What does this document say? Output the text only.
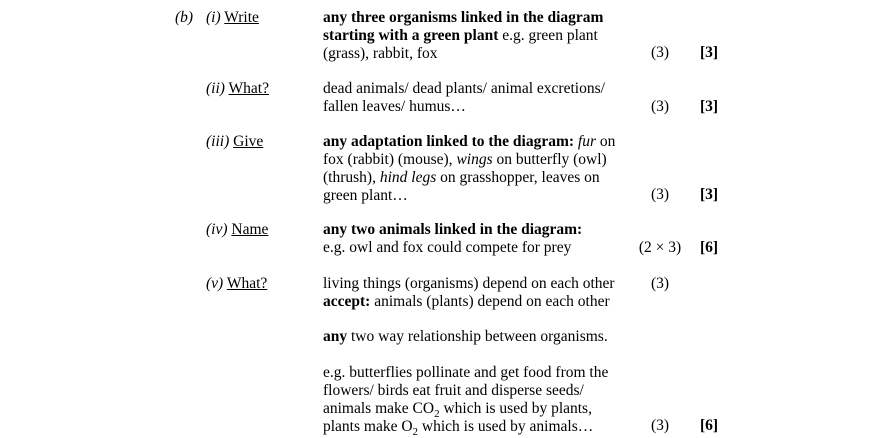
(b) (i) Write	any three organisms linked in the diagram
starting with a green plant e.g. green plant
(grass), rabbit, fox	(3)	[3]
(ii) What?	dead animals/ dead plants/ animal excretions/
fallen leaves/ humus…	(3)	[3]
(iii) Give	any adaptation linked to the diagram: fur on
fox (rabbit) (mouse), wings on butterfly (owl)
(thrush), hind legs on grasshopper, leaves on
green plant…	(3)	[3]
(iv) Name	any two animals linked in the diagram:
e.g. owl and fox could compete for prey	(2 × 3)	[6]
(v) What?	living things (organisms) depend on each other
accept: animals (plants) depend on each other
(3)
any two way relationship between organisms.
e.g. butterflies pollinate and get food from the
flowers/ birds eat fruit and disperse seeds/
animals make $CO_2$ which is used by plants,
plants make $O_2$ which is used by animals…	(3)	[6]
